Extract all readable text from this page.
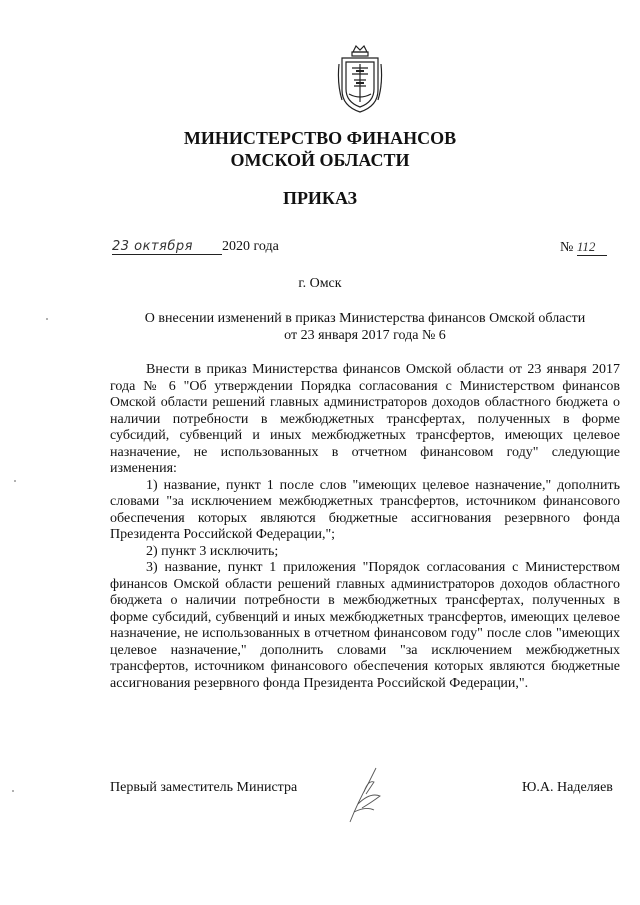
МИНИСТЕРСТВО ФИНАНСОВ
ОМСКОЙ ОБЛАСТИ
ПРИКАЗ
23 октября 2020 года	№ 112
г. Омск
О внесении изменений в приказ Министерства финансов Омской области
от 23 января 2017 года № 6

Внести в приказ Министерства финансов Омской области от 23 января 2017 года № 6 "Об утверждении Порядка согласования с Министерством финансов Омской области решений главных администраторов доходов областного бюджета о наличии потребности в межбюджетных трансфертах, полученных в форме субсидий, субвенций и иных межбюджетных трансфертов, имеющих целевое назначение, не использованных в отчетном финансовом году" следующие изменения:

1) название, пункт 1 после слов "имеющих целевое назначение," дополнить словами "за исключением межбюджетных трансфертов, источником финансового обеспечения которых являются бюджетные ассигнования резервного фонда Президента Российской Федерации,";

2) пункт 3 исключить;

3) название, пункт 1 приложения "Порядок согласования с Министерством финансов Омской области решений главных администраторов доходов областного бюджета о наличии потребности в межбюджетных трансфертах, полученных в форме субсидий, субвенций и иных межбюджетных трансфертов, имеющих целевое назначение, не использованных в отчетном финансовом году" после слов "имеющих целевое назначение," дополнить словами "за исключением межбюджетных трансфертов, источником финансового обеспечения которых являются бюджетные ассигнования резервного фонда Президента Российской Федерации,".

Первый заместитель Министра	Ю.А. Наделяев
